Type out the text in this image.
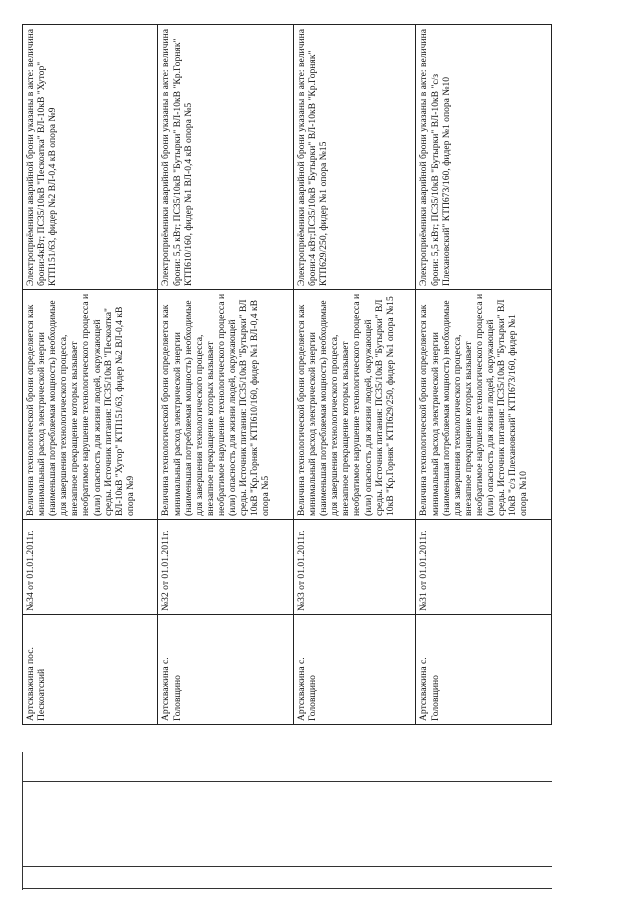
Артскважина пос. Пескоатский	№34 от 01.01.2011г.	Величина технологической брони определяется как минимальный расход электрической энергии (наименьшая потребляемая мощность) необходимые для завершения технологического процесса, внезапное прекращение которых вызывает необратимое нарушение технологического процесса и (или) опасность для жизни людей, окружающей среды. Источник питания: ПС35/10кВ "Пескоатка" ВЛ-10кВ "Хутор" КТП151/63, фидер №2 ВЛ-0,4 кВ опора №9	Электроприёмники аварийной брони указаны в акте: величина брони:4кВт; ПС35/10кВ "Пескоатка" ВЛ-10кВ "Хутор" КТП151/63, фидер №2 ВЛ-0,4 кВ опора №9
Артскважина с. Головщино	№32 от 01.01.2011г.	Величина технологической брони определяется как минимальный расход электрической энергии (наименьшая потребляемая мощность) необходимые для завершения технологического процесса, внезапное прекращение которых вызывает необратимое нарушение технологического процесса и (или) опасность для жизни людей, окружающей среды. Источник питания: ПС35/10кВ "Бутырки" ВЛ 10кВ "Кр.Горняк" КТП610/160, фидер №1 ВЛ-0,4 кВ опора №5	Электроприёмники аварийной брони указаны в акте: величина брони: 5,5 кВт; ПС35/10кВ "Бутырки" ВЛ-10кВ "Кр.Горняк" КТП610/160, фидер №1 ВЛ-0,4 кВ опора №5
Артскважина с. Головщино	№33 от 01.01.2011г.	Величина технологической брони определяется как минимальный расход электрической энергии (наименьшая потребляемая мощность) необходимые для завершения технологического процесса, внезапное прекращение которых вызывает необратимое нарушение технологического процесса и (или) опасность для жизни людей, окружающей среды. Источник питания: ПС35/10кВ "Бутырки" ВЛ 10кВ "Кр.Горняк" КТП629/250, фидер №1 опора №15	Электроприёмники аварийной брони указаны в акте: величина брони:4 кВт;ПС35/10кВ "Бутырки" ВЛ-10кВ "Кр.Горняк" КТП629/250, фидер №1 опора №15
Артскважина с. Головщино	№31 от 01.01.2011г.	Величина технологической брони определяется как минимальный расход электрической энергии (наименьшая потребляемая мощность) необходимые для завершения технологического процесса, внезапное прекращение которых вызывает необратимое нарушение технологического процесса и (или) опасность для жизни людей, окружающей среды. Источник питания: ПС35/10кВ "Бутырки" ВЛ 10кВ "с/з Плехановский" КТП673/160, фидер №1 опора №10	Электроприёмники аварийной брони указаны в акте: величина брони: 5,5 кВт; ПС35/10кВ "Бутырки" ВЛ-10кВ "с/з Плехановский" КТП673/160, фидер №1 опора №10
